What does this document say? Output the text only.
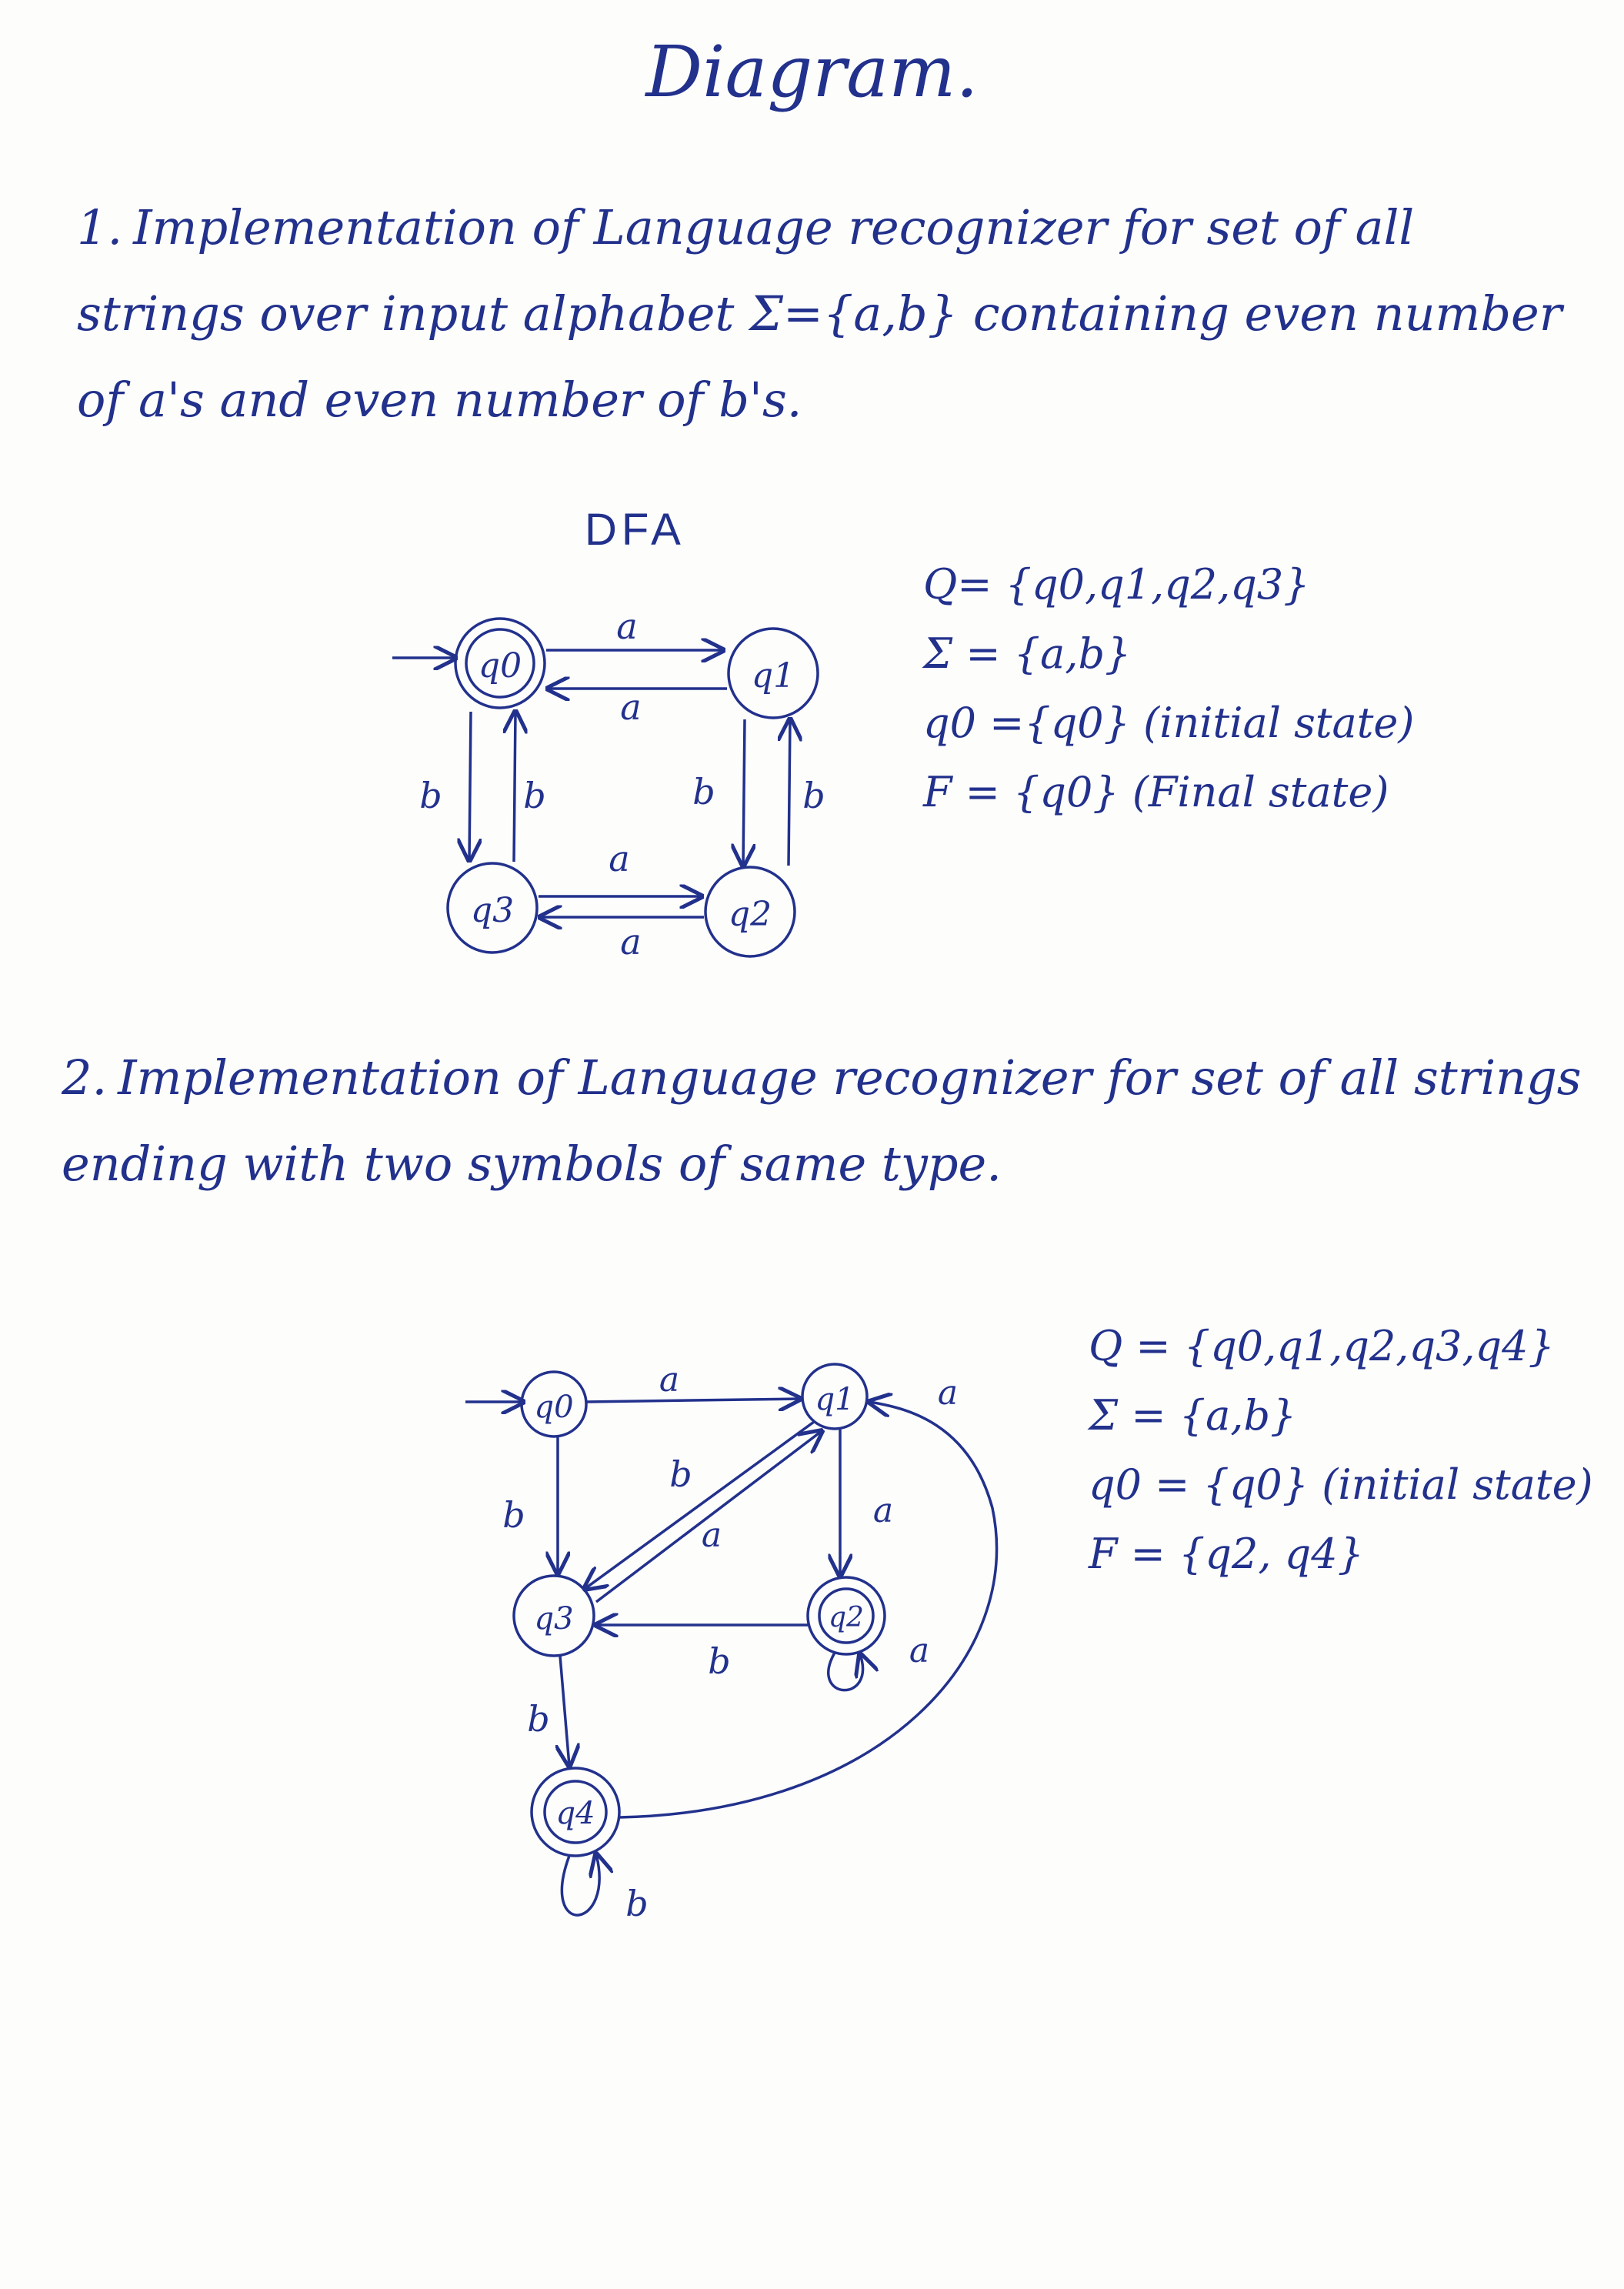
Diagram.
1. Implementation of Language recognizer for set of all
strings over input alphabet Σ={a,b} containing even number
of a's and even number of b's.
DFA
q0	q1
q3	q2
a
a
b b	b b
a
a
Q= {q0,q1,q2,q3}
Σ = {a,b}
q0 ={q0} (initial state)
F = {q0} (Final state)
2. Implementation of Language recognizer for set of all strings
ending with two symbols of same type.
q0	q1
q3	q2
q4
a
b	a
b
a
b	a
b
b
a
Q = {q0,q1,q2,q3,q4}
Σ = {a,b}
q0 = {q0} (initial state)
F = {q2, q4}
